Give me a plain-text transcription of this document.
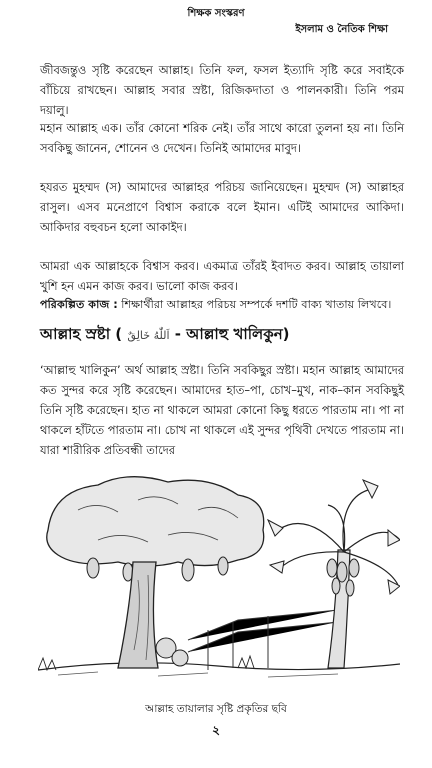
শিক্ষক সংস্করণ
ইসলাম ও নৈতিক শিক্ষা

জীবজন্তুও সৃষ্টি করেছেন আল্লাহ। তিনি ফল, ফসল ইত্যাদি সৃষ্টি করে সবাইকে বাঁচিয়ে রাখছেন। আল্লাহ সবার স্রষ্টা, রিজিকদাতা ও পালনকারী। তিনি পরম দয়ালু।

মহান আল্লাহ এক। তাঁর কোনো শরিক নেই। তাঁর সাথে কারো তুলনা হয় না। তিনি সবকিছু জানেন, শোনেন ও দেখেন। তিনিই আমাদের মাবুদ।

হযরত মুহম্মদ (স) আমাদের আল্লাহর পরিচয় জানিয়েছেন। মুহম্মদ (স) আল্লাহর রাসুল। এসব মনেপ্রাণে বিশ্বাস করাকে বলে ইমান। এটিই আমাদের আকিদা। আকিদার বহুবচন হলো আকাইদ।

আমরা এক আল্লাহকে বিশ্বাস করব। একমাত্র তাঁরই ইবাদত করব। আল্লাহ তায়ালা খুশি হন এমন কাজ করব। ভালো কাজ করব।

পরিকল্পিত কাজ : শিক্ষার্থীরা আল্লাহর পরিচয় সম্পর্কে দশটি বাক্য খাতায় লিখবে।

আল্লাহ স্রষ্টা ( اَللّٰهُ خَالِقٌ - আল্লাহু খালিকুন)

‘আল্লাহু খালিকুন’ অর্থ আল্লাহ স্রষ্টা। তিনি সবকিছুর স্রষ্টা। মহান আল্লাহ আমাদের কত সুন্দর করে সৃষ্টি করেছেন। আমাদের হাত–পা, চোখ–মুখ, নাক–কান সবকিছুই তিনি সৃষ্টি করেছেন। হাত না থাকলে আমরা কোনো কিছু ধরতে পারতাম না। পা না থাকলে হাঁটতে পারতাম না। চোখ না থাকলে এই সুন্দর পৃথিবী দেখতে পারতাম না। যারা শারীরিক প্রতিবন্ধী তাদের

আল্লাহ তায়ালার সৃষ্টি প্রকৃতির ছবি
২
